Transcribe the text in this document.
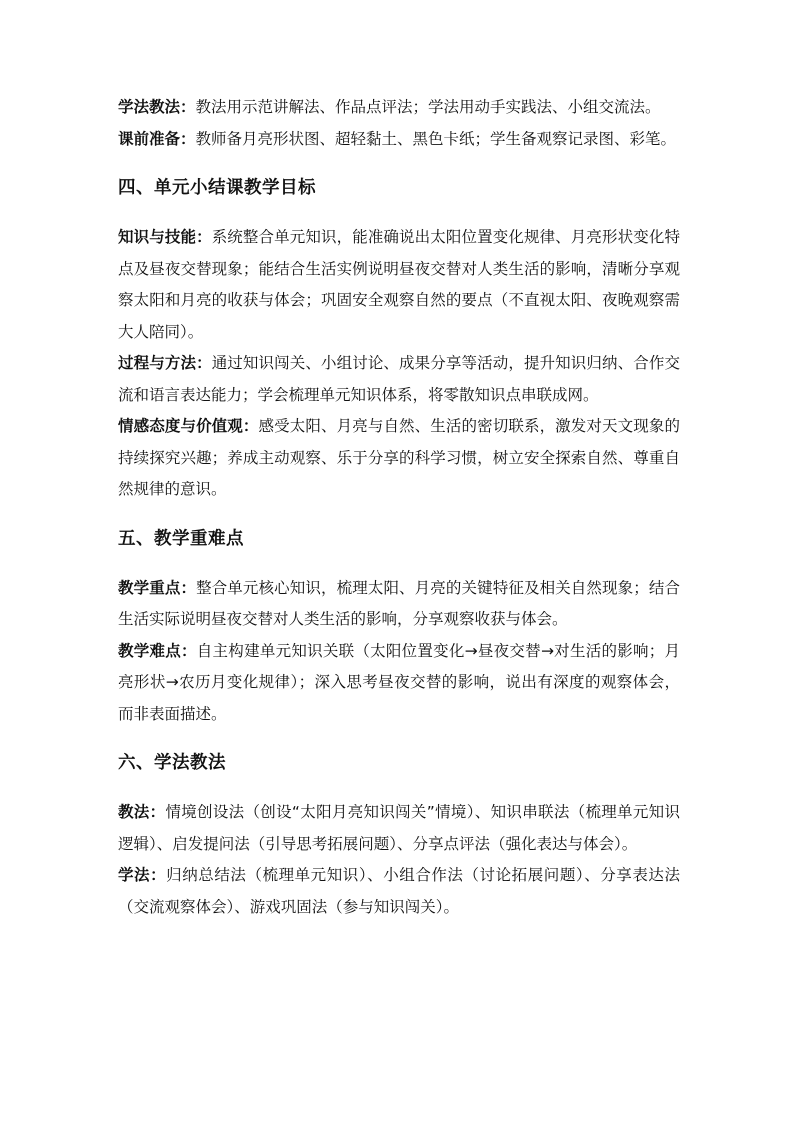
学法教法：教法用示范讲解法、作品点评法；学法用动手实践法、小组交流法。

课前准备：教师备月亮形状图、超轻黏土、黑色卡纸；学生备观察记录图、彩笔。

四、单元小结课教学目标

知识与技能：系统整合单元知识，能准确说出太阳位置变化规律、月亮形状变化特点及昼夜交替现象；能结合生活实例说明昼夜交替对人类生活的影响，清晰分享观察太阳和月亮的收获与体会；巩固安全观察自然的要点（不直视太阳、夜晚观察需大人陪同）。

过程与方法：通过知识闯关、小组讨论、成果分享等活动，提升知识归纳、合作交流和语言表达能力；学会梳理单元知识体系，将零散知识点串联成网。

情感态度与价值观：感受太阳、月亮与自然、生活的密切联系，激发对天文现象的持续探究兴趣；养成主动观察、乐于分享的科学习惯，树立安全探索自然、尊重自然规律的意识。

五、教学重难点

教学重点：整合单元核心知识，梳理太阳、月亮的关键特征及相关自然现象；结合生活实际说明昼夜交替对人类生活的影响，分享观察收获与体会。

教学难点：自主构建单元知识关联（太阳位置变化→昼夜交替→对生活的影响；月亮形状→农历月变化规律）；深入思考昼夜交替的影响，说出有深度的观察体会，而非表面描述。

六、学法教法

教法：情境创设法（创设“太阳月亮知识闯关”情境）、知识串联法（梳理单元知识逻辑）、启发提问法（引导思考拓展问题）、分享点评法（强化表达与体会）。

学法：归纳总结法（梳理单元知识）、小组合作法（讨论拓展问题）、分享表达法（交流观察体会）、游戏巩固法（参与知识闯关）。
